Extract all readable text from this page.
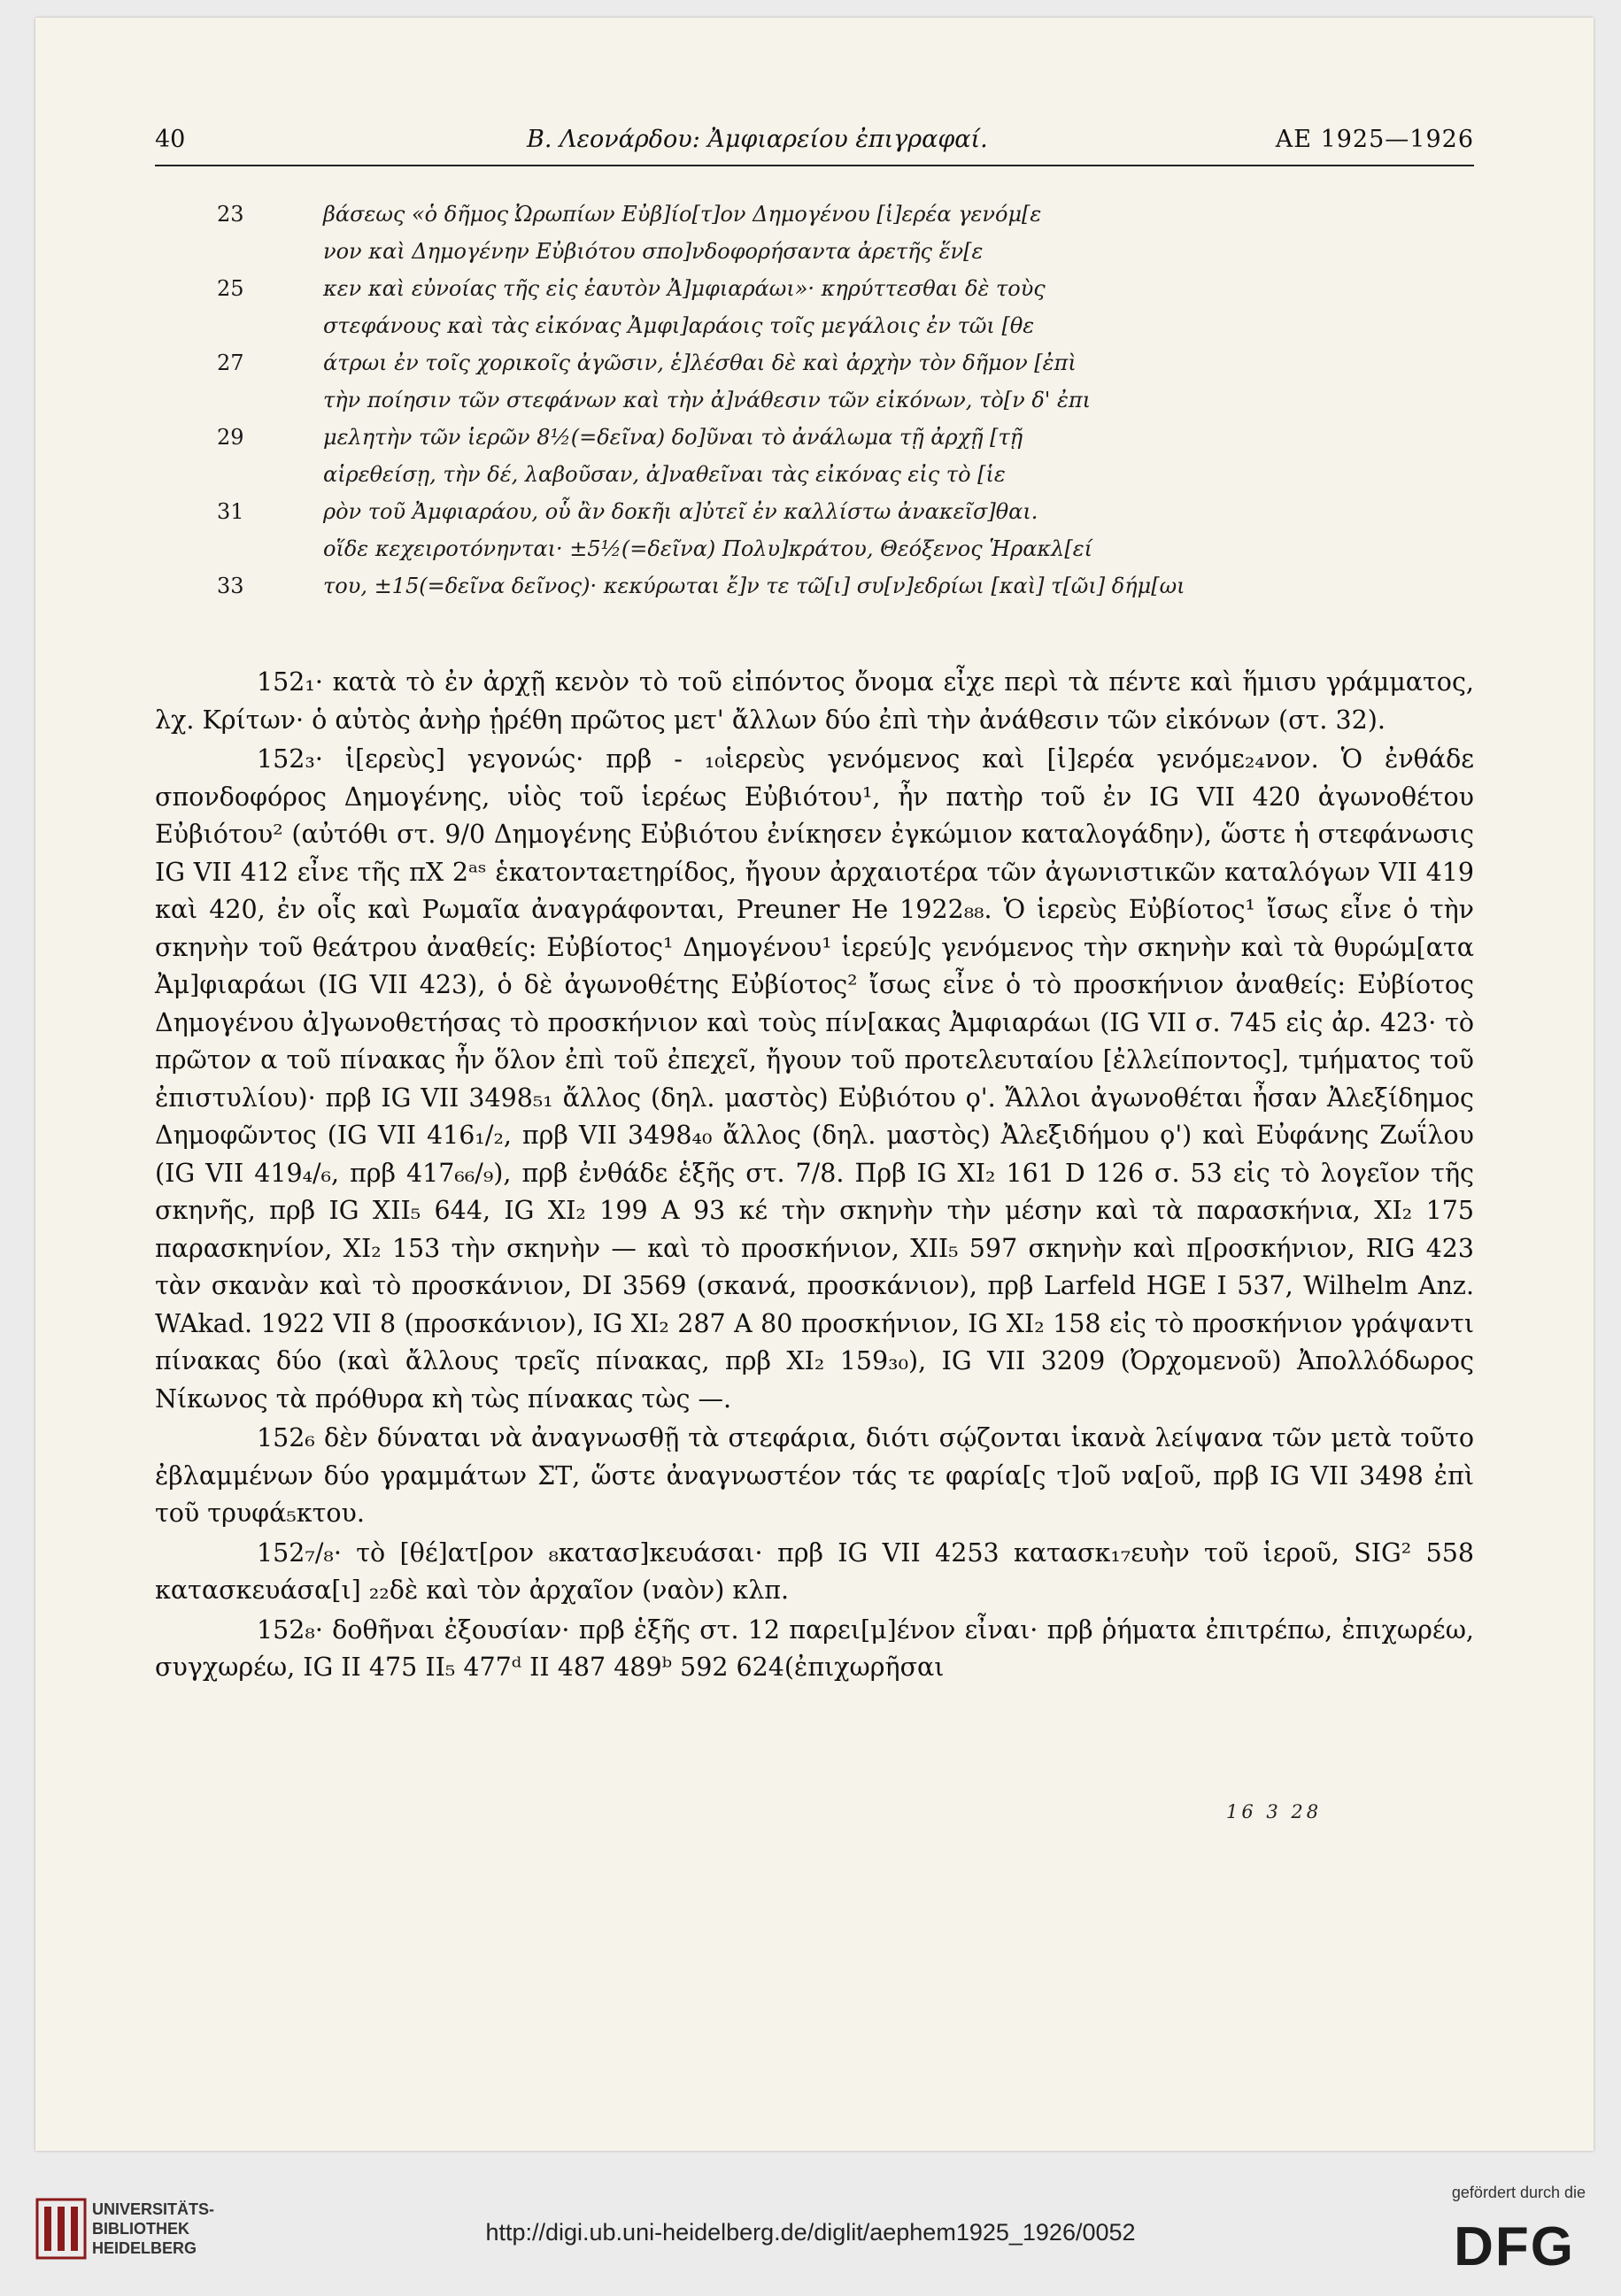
40	B. Λεονάρδου: Ἀμφιαρείου ἐπιγραφαί.	ΑΕ 1925—1926
23	βάσεως «ὁ δῆμος Ὠρωπίων Εὐβ]ίο[τ]ον Δημογένου [ἱ]ερέα γενόμ[ε
νον καὶ Δημογένην Εὐβιότου σπο]νδοφορήσαντα ἀρετῆς ἕν[ε
25	κεν καὶ εὐνοίας τῆς εἰς ἑαυτὸν Ἀ]μφιαράωι»· κηρύττεσθαι δὲ τοὺς
στεφάνους καὶ τὰς εἰκόνας Ἀμφι]αράοις τοῖς μεγάλοις ἐν τῶι [θε
27	άτρωι ἐν τοῖς χορικοῖς ἀγῶσιν, ἑ]λέσθαι δὲ καὶ ἀρχὴν τὸν δῆμον [ἐπὶ
τὴν ποίησιν τῶν στεφάνων καὶ τὴν ἀ]νάθεσιν τῶν εἰκόνων, τὸ[ν δ' ἐπι
29	μελητὴν τῶν ἱερῶν 8½(=δεῖνα) δο]ῦναι τὸ ἀνάλωμα τῇ ἀρχῇ [τῇ
αἱρεθείσῃ, τὴν δέ, λαβοῦσαν, ἀ]ναθεῖναι τὰς εἰκόνας εἰς τὸ [ἱε
31	ρὸν τοῦ Ἀμφιαράου, οὗ ἂν δοκῆι α]ὐτεῖ ἐν καλλίστω ἀνακεῖσ]θαι.
οἵδε κεχειροτόνηνται· ±5½(=δεῖνα) Πολυ]κράτου, Θεόξενος Ἡρακλ[εί
33	του, ±15(=δεῖνα δεῖνος)· κεκύρωται ἔ]ν τε τῶ[ι] συ[ν]εδρίωι [καὶ] τ[ῶι] δήμ[ωι

152₁· κατὰ τὸ ἐν ἀρχῇ κενὸν τὸ τοῦ εἰπόντος ὄνομα εἶχε περὶ τὰ πέντε καὶ ἥμισυ γράμματος, λχ. Κρίτων· ὁ αὐτὸς ἀνὴρ ᾑρέθη πρῶτος μετ' ἄλλων δύο ἐπὶ τὴν ἀνάθεσιν τῶν εἰκόνων (στ. 32).

152₃· ἱ[ερεὺς] γεγονώς· πρβ - ₁₀ἱερεὺς γενόμενος καὶ [ἱ]ερέα γενόμε₂₄νον. Ὁ ἐνθάδε σπονδοφόρος Δημογένης, υἱὸς τοῦ ἱερέως Εὐβιότου¹, ἦν πατὴρ τοῦ ἐν IG VII 420 ἀγωνοθέτου Εὐβιότου² (αὐτόθι στ. 9/0 Δημογένης Εὐβιότου ἐνίκησεν ἐγκώμιον καταλογάδην), ὥστε ἡ στεφάνωσις IG VII 412 εἶνε τῆς πΧ 2ᵃˢ ἑκατονταετηρίδος, ἤγουν ἀρχαιοτέρα τῶν ἀγωνιστικῶν καταλόγων VII 419 καὶ 420, ἐν οἷς καὶ Ρωμαῖα ἀναγράφονται, Preuner He 1922₈₈. Ὁ ἱερεὺς Εὐβίοτος¹ ἴσως εἶνε ὁ τὴν σκηνὴν τοῦ θεάτρου ἀναθείς: Εὐβίοτος¹ Δημογένου¹ ἱερεύ]ς γενόμενος τὴν σκηνὴν καὶ τὰ θυρώμ[ατα Ἀμ]φιαράωι (IG VII 423), ὁ δὲ ἀγωνοθέτης Εὐβίοτος² ἴσως εἶνε ὁ τὸ προσκήνιον ἀναθείς: Εὐβίοτος Δημογένου ἀ]γωνοθετήσας τὸ προσκήνιον καὶ τοὺς πίν[ακας Ἀμφιαράωι (IG VII σ. 745 εἰς ἀρ. 423· τὸ πρῶτον α τοῦ πίνακας ἦν ὅλον ἐπὶ τοῦ ἐπεχεῖ, ἤγουν τοῦ προτελευταίου [ἐλλείποντος], τμήματος τοῦ ἐπιστυλίου)· πρβ IG VII 3498₅₁ ἄλλος (δηλ. μαστὸς) Εὐβιότου ϙ'. Ἄλλοι ἀγωνοθέται ἦσαν Ἀλεξίδημος Δημοφῶντος (IG VII 416₁/₂, πρβ VII 3498₄₀ ἄλλος (δηλ. μαστὸς) Ἀλεξιδήμου ϙ') καὶ Εὐφάνης Ζωΐλου (IG VII 419₄/₆, πρβ 417₆₆/₉), πρβ ἐνθάδε ἑξῆς στ. 7/8. Πρβ IG XI₂ 161 D 126 σ. 53 εἰς τὸ λογεῖον τῆς σκηνῆς, πρβ IG XII₅ 644, IG XI₂ 199 A 93 κέ τὴν σκηνὴν τὴν μέσην καὶ τὰ παρασκήνια, XI₂ 175 παρασκηνίον, XI₂ 153 τὴν σκηνὴν — καὶ τὸ προσκήνιον, XII₅ 597 σκηνὴν καὶ π[ροσκήνιον, RIG 423 τὰν σκανὰν καὶ τὸ προσκάνιον, DI 3569 (σκανά, προσκάνιον), πρβ Larfeld HGE I 537, Wilhelm Anz. WAkad. 1922 VII 8 (προσκάνιον), IG XI₂ 287 A 80 προσκήνιον, IG XI₂ 158 εἰς τὸ προσκήνιον γράψαντι πίνακας δύο (καὶ ἄλλους τρεῖς πίνακας, πρβ XI₂ 159₃₀), IG VII 3209 (Ὀρχομενοῦ) Ἀπολλόδωρος Νίκωνος τὰ πρόθυρα κὴ τὼς πίνακας τὼς —.

152₆ δὲν δύναται νὰ ἀναγνωσθῇ τὰ στεφάρια, διότι σῴζονται ἱκανὰ λείψανα τῶν μετὰ τοῦτο ἐβλαμμένων δύο γραμμάτων ΣΤ, ὥστε ἀναγνωστέον τάς τε φαρία[ς τ]οῦ να[οῦ, πρβ IG VII 3498 ἐπὶ τοῦ τρυφά₅κτου.

152₇/₈· τὸ [θέ]ατ[ρον ₈κατασ]κευάσαι· πρβ IG VII 4253 κατασκ₁₇ευὴν τοῦ ἱεροῦ, SIG² 558 κατασκευάσα[ι] ₂₂δὲ καὶ τὸν ἀρχαῖον (ναὸν) κλπ.

152₈· δοθῆναι ἐξουσίαν· πρβ ἑξῆς στ. 12 παρει[μ]ένον εἶναι· πρβ ῥήματα ἐπιτρέπω, ἐπιχωρέω, συγχωρέω, IG II 475 II₅ 477ᵈ II 487 489ᵇ 592 624(ἐπιχωρῆσαι

16 3 28
UNIVERSITÄTS-
BIBLIOTHEK
HEIDELBERG
http://digi.ub.uni-heidelberg.de/diglit/aephem1925_1926/0052
gefördert durch die
DFG
